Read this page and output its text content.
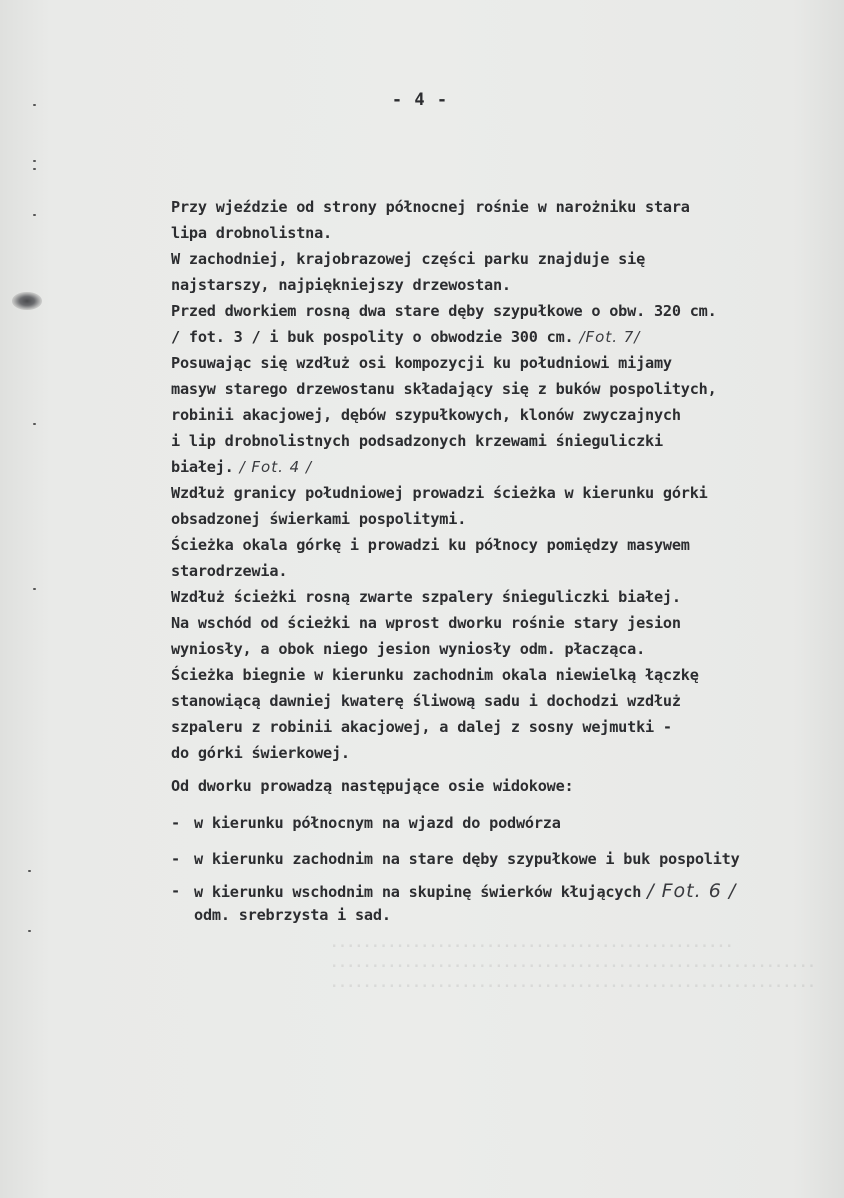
- 4 -
Przy wjeździe od strony północnej rośnie w narożniku stara
lipa drobnolistna.
W zachodniej, krajobrazowej części parku znajduje się
najstarszy, najpiękniejszy drzewostan.
Przed dworkiem rosną dwa stare dęby szypułkowe o obw. 320 cm.
/ fot. 3 / i buk pospolity o obwodzie 300 cm. /Fot. 7/
Posuwając się wzdłuż osi kompozycji ku południowi mijamy
masyw starego drzewostanu składający się z buków pospolitych,
robinii akacjowej, dębów szypułkowych, klonów zwyczajnych
i lip drobnolistnych podsadzonych krzewami śnieguliczki
białej. / Fot. 4 /
Wzdłuż granicy południowej prowadzi ścieżka w kierunku górki
obsadzonej świerkami pospolitymi.
Ścieżka okala górkę i prowadzi ku północy pomiędzy masywem
starodrzewia.
Wzdłuż ścieżki rosną zwarte szpalery śnieguliczki białej.
Na wschód od ścieżki na wprost dworku rośnie stary jesion
wyniosły, a obok niego jesion wyniosły odm. płacząca.
Ścieżka biegnie w kierunku zachodnim okala niewielką łączkę
stanowiącą dawniej kwaterę śliwową sadu i dochodzi wzdłuż
szpaleru z robinii akacjowej, a dalej z sosny wejmutki -
do górki świerkowej.
Od dworku prowadzą następujące osie widokowe:
- w kierunku północnym na wjazd do podwórza
- w kierunku zachodnim na stare dęby szypułkowe i buk pospolity
- w kierunku wschodnim na skupinę świerków kłujących / Fot. 6 /
odm. srebrzysta i sad.
.................................................
...........................................................
...........................................................
